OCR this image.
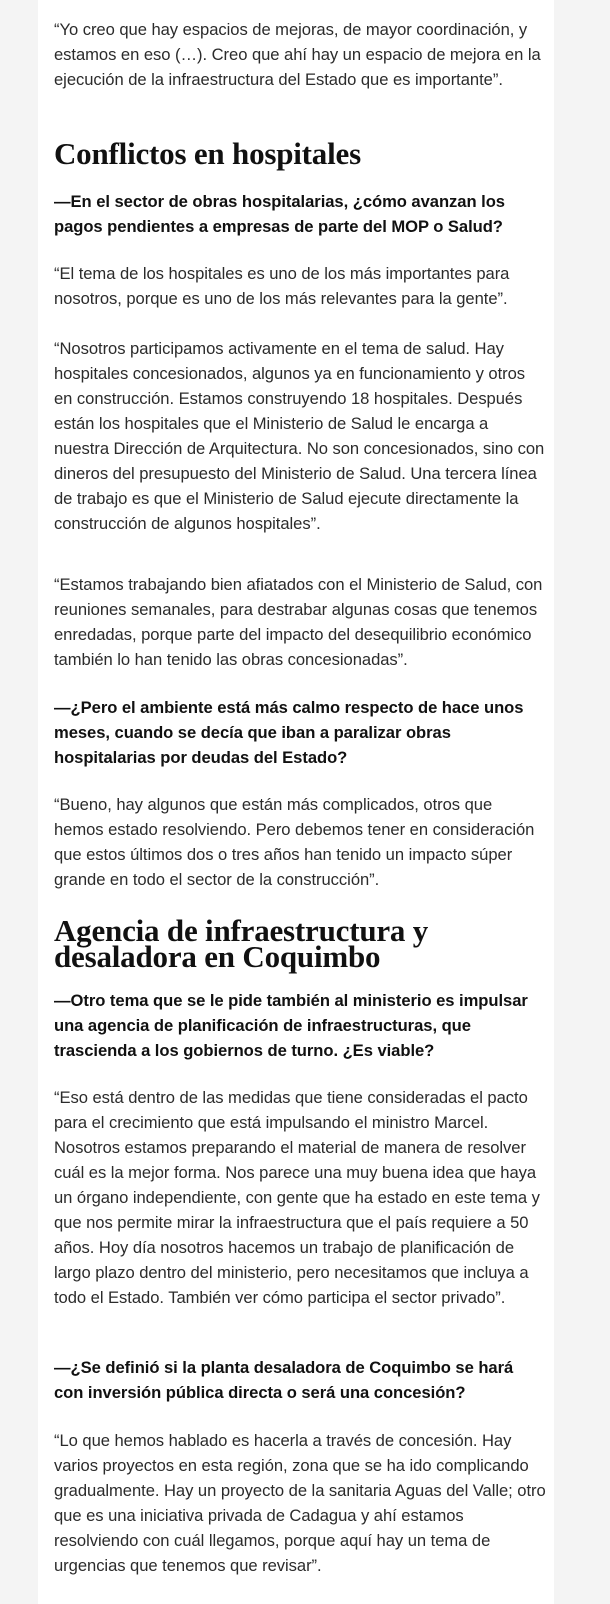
“Yo creo que hay espacios de mejoras, de mayor coordinación, y estamos en eso (…). Creo que ahí hay un espacio de mejora en la ejecución de la infraestructura del Estado que es importante”.

Conflictos en hospitales

—En el sector de obras hospitalarias, ¿cómo avanzan los pagos pendientes a empresas de parte del MOP o Salud?

“El tema de los hospitales es uno de los más importantes para nosotros, porque es uno de los más relevantes para la gente”.

“Nosotros participamos activamente en el tema de salud. Hay hospitales concesionados, algunos ya en funcionamiento y otros en construcción. Estamos construyendo 18 hospitales. Después están los hospitales que el Ministerio de Salud le encarga a nuestra Dirección de Arquitectura. No son concesionados, sino con dineros del presupuesto del Ministerio de Salud. Una tercera línea de trabajo es que el Ministerio de Salud ejecute directamente la construcción de algunos hospitales”.

“Estamos trabajando bien afiatados con el Ministerio de Salud, con reuniones semanales, para destrabar algunas cosas que tenemos enredadas, porque parte del impacto del desequilibrio económico también lo han tenido las obras concesionadas”.

—¿Pero el ambiente está más calmo respecto de hace unos meses, cuando se decía que iban a paralizar obras hospitalarias por deudas del Estado?

“Bueno, hay algunos que están más complicados, otros que hemos estado resolviendo. Pero debemos tener en consideración que estos últimos dos o tres años han tenido un impacto súper grande en todo el sector de la construcción”.

Agencia de infraestructura y desaladora en Coquimbo

—Otro tema que se le pide también al ministerio es impulsar una agencia de planificación de infraestructuras, que trascienda a los gobiernos de turno. ¿Es viable?

“Eso está dentro de las medidas que tiene consideradas el pacto para el crecimiento que está impulsando el ministro Marcel. Nosotros estamos preparando el material de manera de resolver cuál es la mejor forma. Nos parece una muy buena idea que haya un órgano independiente, con gente que ha estado en este tema y que nos permite mirar la infraestructura que el país requiere a 50 años. Hoy día nosotros hacemos un trabajo de planificación de largo plazo dentro del ministerio, pero necesitamos que incluya a todo el Estado. También ver cómo participa el sector privado”.

—¿Se definió si la planta desaladora de Coquimbo se hará con inversión pública directa o será una concesión?

“Lo que hemos hablado es hacerla a través de concesión. Hay varios proyectos en esta región, zona que se ha ido complicando gradualmente. Hay un proyecto de la sanitaria Aguas del Valle; otro que es una iniciativa privada de Cadagua y ahí estamos resolviendo con cuál llegamos, porque aquí hay un tema de urgencias que tenemos que revisar”.
